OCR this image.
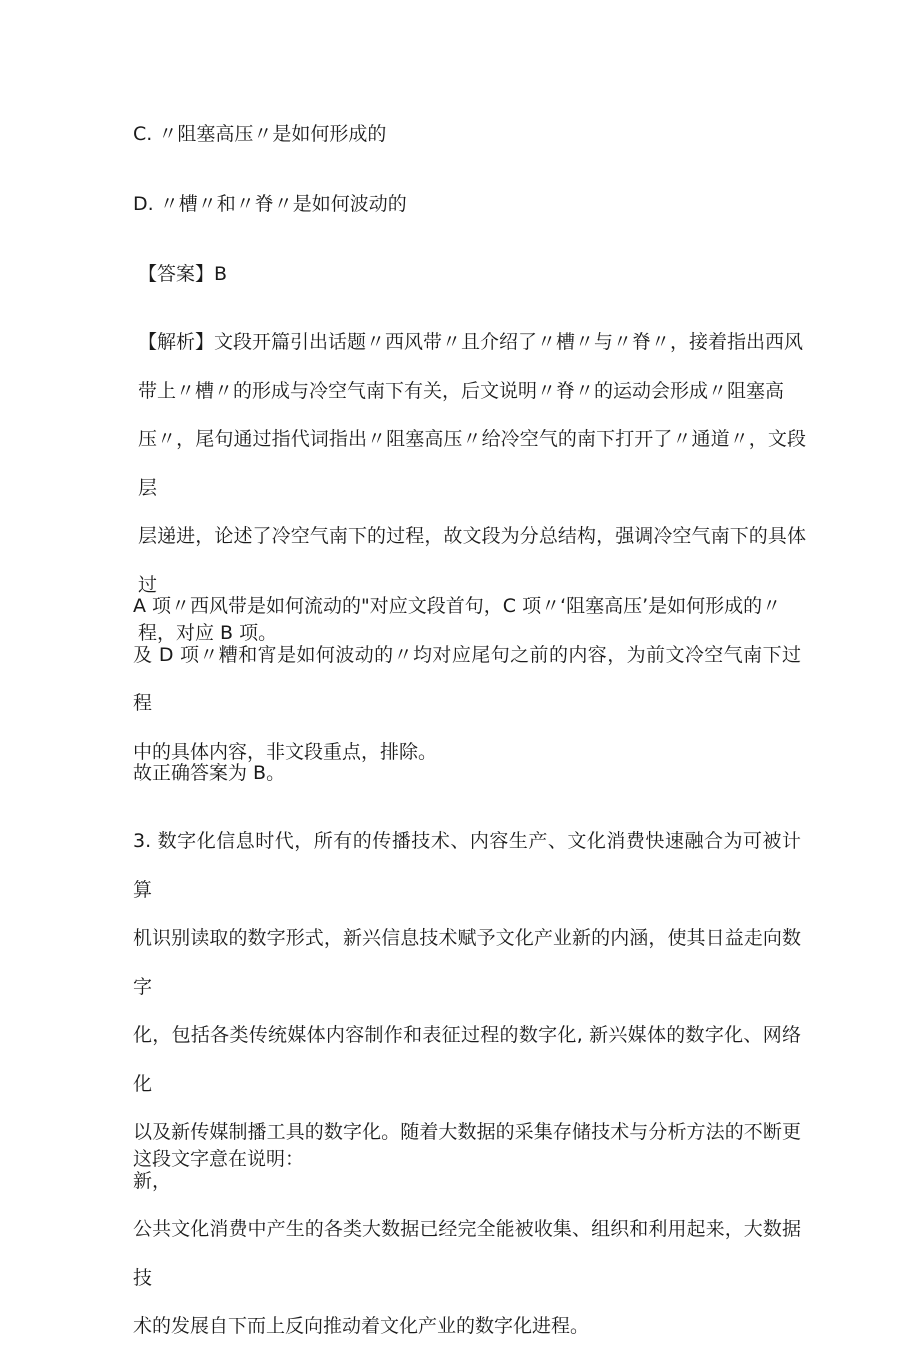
C. 〃阻塞高压〃是如何形成的

D. 〃槽〃和〃脊〃是如何波动的

【答案】B

【解析】文段开篇引出话题〃西风带〃且介绍了〃槽〃与〃脊〃，接着指出西风
带上〃槽〃的形成与冷空气南下有关，后文说明〃脊〃的运动会形成〃阻塞高
压〃，尾句通过指代词指出〃阻塞高压〃给冷空气的南下打开了〃通道〃，文段层
层递进，论述了冷空气南下的过程，故文段为分总结构，强调冷空气南下的具体过
程，对应 B 项。

A 项〃西风带是如何流动的"对应文段首句，C 项〃‘阻塞高压’是如何形成的〃
及 D 项〃糟和宵是如何波动的〃均对应尾句之前的内容，为前文冷空气南下过程
中的具体内容，非文段重点，排除。

故正确答案为 B。

3. 数字化信息时代，所有的传播技术、内容生产、文化消费快速融合为可被计算
机识别读取的数字形式，新兴信息技术赋予文化产业新的内涵，使其日益走向数字
化，包括各类传统媒体内容制作和表征过程的数字化, 新兴媒体的数字化、网络化
以及新传媒制播工具的数字化。随着大数据的采集存储技术与分析方法的不断更新，
公共文化消费中产生的各类大数据已经完全能被收集、组织和利用起来，大数据技
术的发展自下而上反向推动着文化产业的数字化进程。

这段文字意在说明：
